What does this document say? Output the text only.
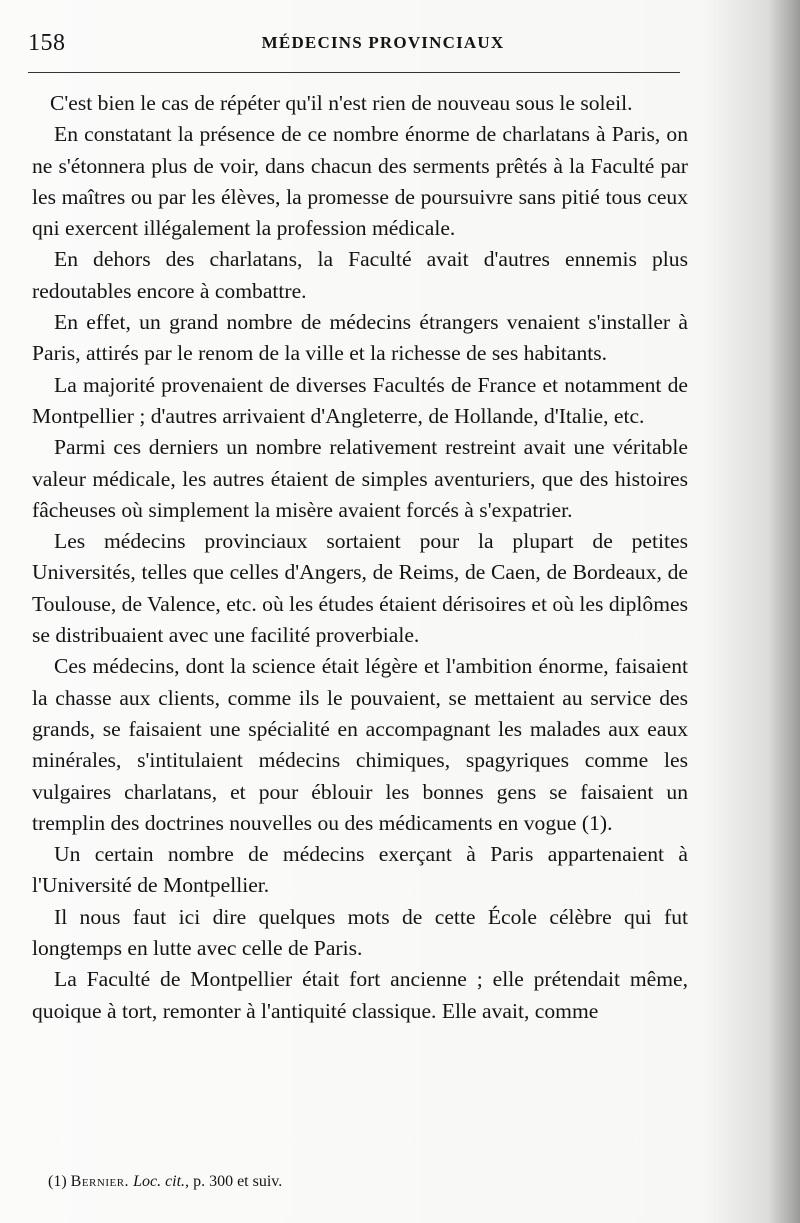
158	MÉDECINS PROVINCIAUX

C'est bien le cas de répéter qu'il n'est rien de nouveau sous le soleil.

En constatant la présence de ce nombre énorme de charlatans à Paris, on ne s'étonnera plus de voir, dans chacun des serments prêtés à la Faculté par les maîtres ou par les élèves, la promesse de poursuivre sans pitié tous ceux qni exercent illégalement la profession médicale.

En dehors des charlatans, la Faculté avait d'autres ennemis plus redoutables encore à combattre.

En effet, un grand nombre de médecins étrangers venaient s'installer à Paris, attirés par le renom de la ville et la richesse de ses habitants.

La majorité provenaient de diverses Facultés de France et notamment de Montpellier ; d'autres arrivaient d'Angleterre, de Hollande, d'Italie, etc.

Parmi ces derniers un nombre relativement restreint avait une véritable valeur médicale, les autres étaient de simples aventuriers, que des histoires fâcheuses où simplement la misère avaient forcés à s'expatrier.

Les médecins provinciaux sortaient pour la plupart de petites Universités, telles que celles d'Angers, de Reims, de Caen, de Bordeaux, de Toulouse, de Valence, etc. où les études étaient dérisoires et où les diplômes se distribuaient avec une facilité proverbiale.

Ces médecins, dont la science était légère et l'ambition énorme, faisaient la chasse aux clients, comme ils le pouvaient, se mettaient au service des grands, se faisaient une spécialité en accompagnant les malades aux eaux minérales, s'intitulaient médecins chimiques, spagyriques comme les vulgaires charlatans, et pour éblouir les bonnes gens se faisaient un tremplin des doctrines nouvelles ou des médicaments en vogue (1).

Un certain nombre de médecins exerçant à Paris appartenaient à l'Université de Montpellier.

Il nous faut ici dire quelques mots de cette École célèbre qui fut longtemps en lutte avec celle de Paris.

La Faculté de Montpellier était fort ancienne ; elle prétendait même, quoique à tort, remonter à l'antiquité classique. Elle avait, comme

(1) Bernier. Loc. cit., p. 300 et suiv.
